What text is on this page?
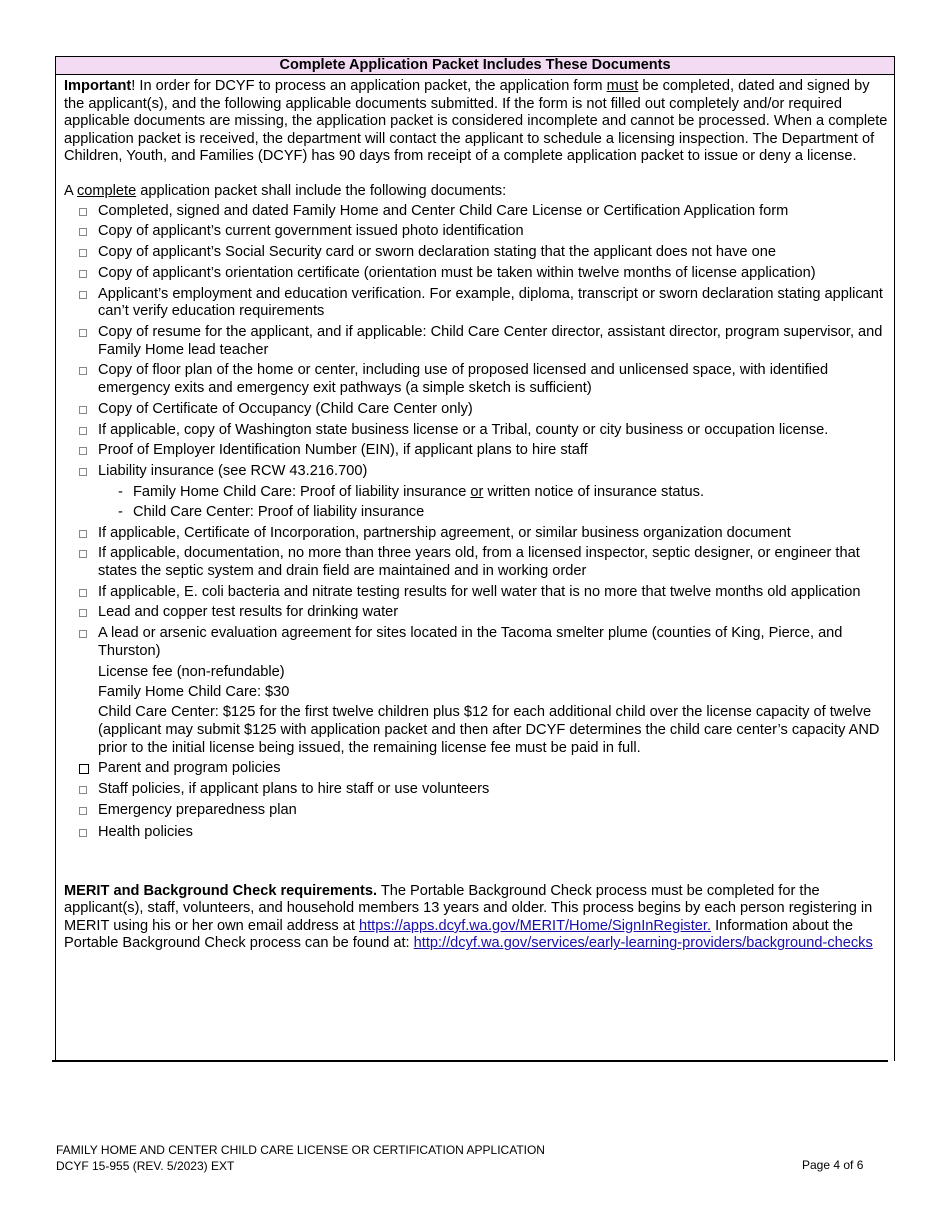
Complete Application Packet Includes These Documents

Important! In order for DCYF to process an application packet, the application form must be completed, dated and signed by the applicant(s), and the following applicable documents submitted. If the form is not filled out completely and/or required applicable documents are missing, the application packet is considered incomplete and cannot be processed. When a complete application packet is received, the department will contact the applicant to schedule a licensing inspection. The Department of Children, Youth, and Families (DCYF) has 90 days from receipt of a complete application packet to issue or deny a license.

A complete application packet shall include the following documents:

Completed, signed and dated Family Home and Center Child Care License or Certification Application form
Copy of applicant’s current government issued photo identification
Copy of applicant’s Social Security card or sworn declaration stating that the applicant does not have one
Copy of applicant’s orientation certificate (orientation must be taken within twelve months of license application)
Applicant’s employment and education verification. For example, diploma, transcript or sworn declaration stating applicant can’t verify education requirements
Copy of resume for the applicant, and if applicable: Child Care Center director, assistant director, program supervisor, and Family Home lead teacher
Copy of floor plan of the home or center, including use of proposed licensed and unlicensed space, with identified emergency exits and emergency exit pathways (a simple sketch is sufficient)
Copy of Certificate of Occupancy (Child Care Center only)
If applicable, copy of Washington state business license or a Tribal, county or city business or occupation license.
Proof of Employer Identification Number (EIN), if applicant plans to hire staff
Liability insurance (see RCW 43.216.700)
- Family Home Child Care: Proof of liability insurance or written notice of insurance status.
- Child Care Center: Proof of liability insurance
If applicable, Certificate of Incorporation, partnership agreement, or similar business organization document
If applicable, documentation, no more than three years old, from a licensed inspector, septic designer, or engineer that states the septic system and drain field are maintained and in working order
If applicable, E. coli bacteria and nitrate testing results for well water that is no more that twelve months old application
Lead and copper test results for drinking water
A lead or arsenic evaluation agreement for sites located in the Tacoma smelter plume (counties of King, Pierce, and Thurston)
License fee (non-refundable)
Family Home Child Care: $30
Child Care Center: $125 for the first twelve children plus $12 for each additional child over the license capacity of twelve (applicant may submit $125 with application packet and then after DCYF determines the child care center’s capacity AND prior to the initial license being issued, the remaining license fee must be paid in full.
Parent and program policies
Staff policies, if applicant plans to hire staff or use volunteers
Emergency preparedness plan
Health policies

MERIT and Background Check requirements. The Portable Background Check process must be completed for the applicant(s), staff, volunteers, and household members 13 years and older. This process begins by each person registering in MERIT using his or her own email address at https://apps.dcyf.wa.gov/MERIT/Home/SignInRegister. Information about the Portable Background Check process can be found at: http://dcyf.wa.gov/services/early-learning-providers/background-checks

FAMILY HOME AND CENTER CHILD CARE LICENSE OR CERTIFICATION APPLICATION
DCYF 15-955 (REV. 5/2023) EXT	Page 4 of 6
